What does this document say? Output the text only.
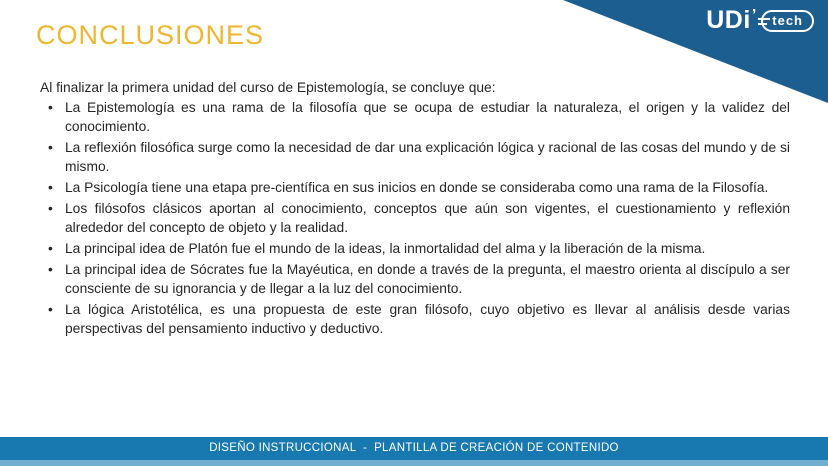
UDi ʼ	tech
CONCLUSIONES

Al finalizar la primera unidad del curso de Epistemología, se concluye que:

• La Epistemología es una rama de la filosofía que se ocupa de estudiar la naturaleza, el origen y la validez del conocimiento.
• La reflexión filosófica surge como la necesidad de dar una explicación lógica y racional de las cosas del mundo y de si mismo.
• La Psicología tiene una etapa pre-científica en sus inicios en donde se consideraba como una rama de la Filosofía.
• Los filósofos clásicos aportan al conocimiento, conceptos que aún son vigentes, el cuestionamiento y reflexión alrededor del concepto de objeto y la realidad.
• La principal idea de Platón fue el mundo de la ideas, la inmortalidad del alma y la liberación de la misma.
• La principal idea de Sócrates fue la Mayéutica, en donde a través de la pregunta, el maestro orienta al discípulo a ser consciente de su ignorancia y de llegar a la luz del conocimiento.
• La lógica Aristotélica, es una propuesta de este gran filósofo, cuyo objetivo es llevar al análisis desde varias perspectivas del pensamiento inductivo y deductivo.
DISEÑO INSTRUCCIONAL  -  PLANTILLA DE CREACIÓN DE CONTENIDO
